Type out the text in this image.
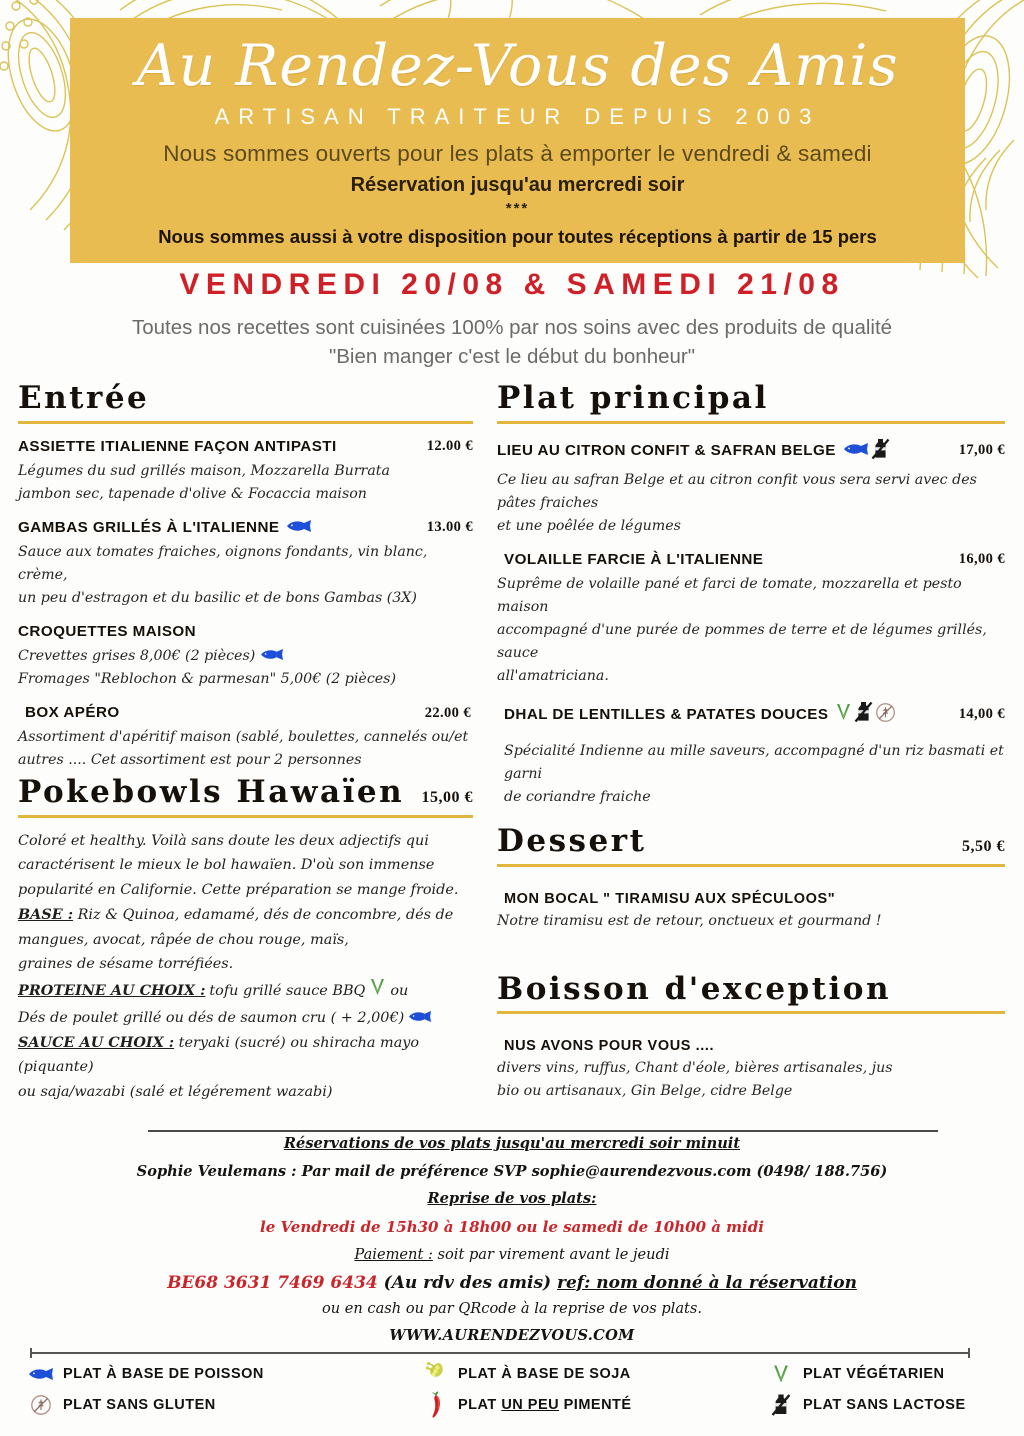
Au Rendez-Vous des Amis
ARTISAN TRAITEUR DEPUIS 2003
Nous sommes ouverts pour les plats à emporter le vendredi & samedi
Réservation jusqu'au mercredi soir
***
Nous sommes aussi à votre disposition pour toutes réceptions à partir de 15 pers
VENDREDI 20/08 & SAMEDI 21/08
Toutes nos recettes sont cuisinées 100% par nos soins avec des produits de qualité
"Bien manger c'est le début du bonheur"
Entrée
ASSIETTE ITIALIENNE FAÇON ANTIPASTI	12.00 €
Légumes du sud grillés maison, Mozzarella Burrata
jambon sec, tapenade d'olive & Focaccia maison
GAMBAS GRILLÉS À L'ITALIENNE	13.00 €
Sauce aux tomates fraiches, oignons fondants, vin blanc, crème,
un peu d'estragon et du basilic et de bons Gambas (3X)
CROQUETTES MAISON
Crevettes grises 8,00€ (2 pièces)
Fromages "Reblochon & parmesan" 5,00€ (2 pièces)
BOX APÉRO	22.00 €
Assortiment d'apéritif maison (sablé, boulettes, cannelés ou/et
autres .... Cet assortiment est pour 2 personnes
Pokebowls Hawaïen 15,00 €
Coloré et healthy. Voilà sans doute les deux adjectifs qui
caractérisent le mieux le bol hawaïen. D'où son immense
popularité en Californie. Cette préparation se mange froide.
BASE : Riz & Quinoa, edamamé, dés de concombre, dés de
mangues, avocat, râpée de chou rouge, maïs,
graines de sésame torréfiées.
PROTEINE AU CHOIX : tofu grillé sauce BBQ ou
Dés de poulet grillé ou dés de saumon cru ( + 2,00€)
SAUCE AU CHOIX : teryaki (sucré) ou shiracha mayo (piquante)
ou saja/wazabi (salé et légérement wazabi)
Plat principal
LIEU AU CITRON CONFIT & SAFRAN BELGE	17,00 €
Ce lieu au safran Belge et au citron confit vous sera servi avec des pâtes fraiches
et une poêlée de légumes
VOLAILLE FARCIE À L'ITALIENNE	16,00 €
Suprême de volaille pané et farci de tomate, mozzarella et pesto maison
accompagné d'une purée de pommes de terre et de légumes grillés, sauce
all'amatriciana.
DHAL DE LENTILLES & PATATES DOUCES	14,00 €
Spécialité Indienne au mille saveurs, accompagné d'un riz basmati et garni
de coriandre fraiche
Dessert	5,50 €
MON BOCAL " TIRAMISU AUX SPÉCULOOS"
Notre tiramisu est de retour, onctueux et gourmand !
Boisson d'exception
NUS AVONS POUR VOUS ....
divers vins, ruffus, Chant d'éole, bières artisanales, jus
bio ou artisanaux, Gin Belge, cidre Belge
Réservations de vos plats jusqu'au mercredi soir minuit
Sophie Veulemans : Par mail de préférence SVP sophie@aurendezvous.com (0498/ 188.756)
Reprise de vos plats:
le Vendredi de 15h30 à 18h00 ou le samedi de 10h00 à midi
Paiement : soit par virement avant le jeudi
BE68 3631 7469 6434 (Au rdv des amis) ref: nom donné à la réservation
ou en cash ou par QRcode à la reprise de vos plats.
WWW.AURENDEZVOUS.COM
PLAT À BASE DE POISSON	PLAT À BASE DE SOJA	PLAT VÉGÉTARIEN
PLAT SANS GLUTEN	PLAT UN PEU PIMENTÉ	PLAT SANS LACTOSE
